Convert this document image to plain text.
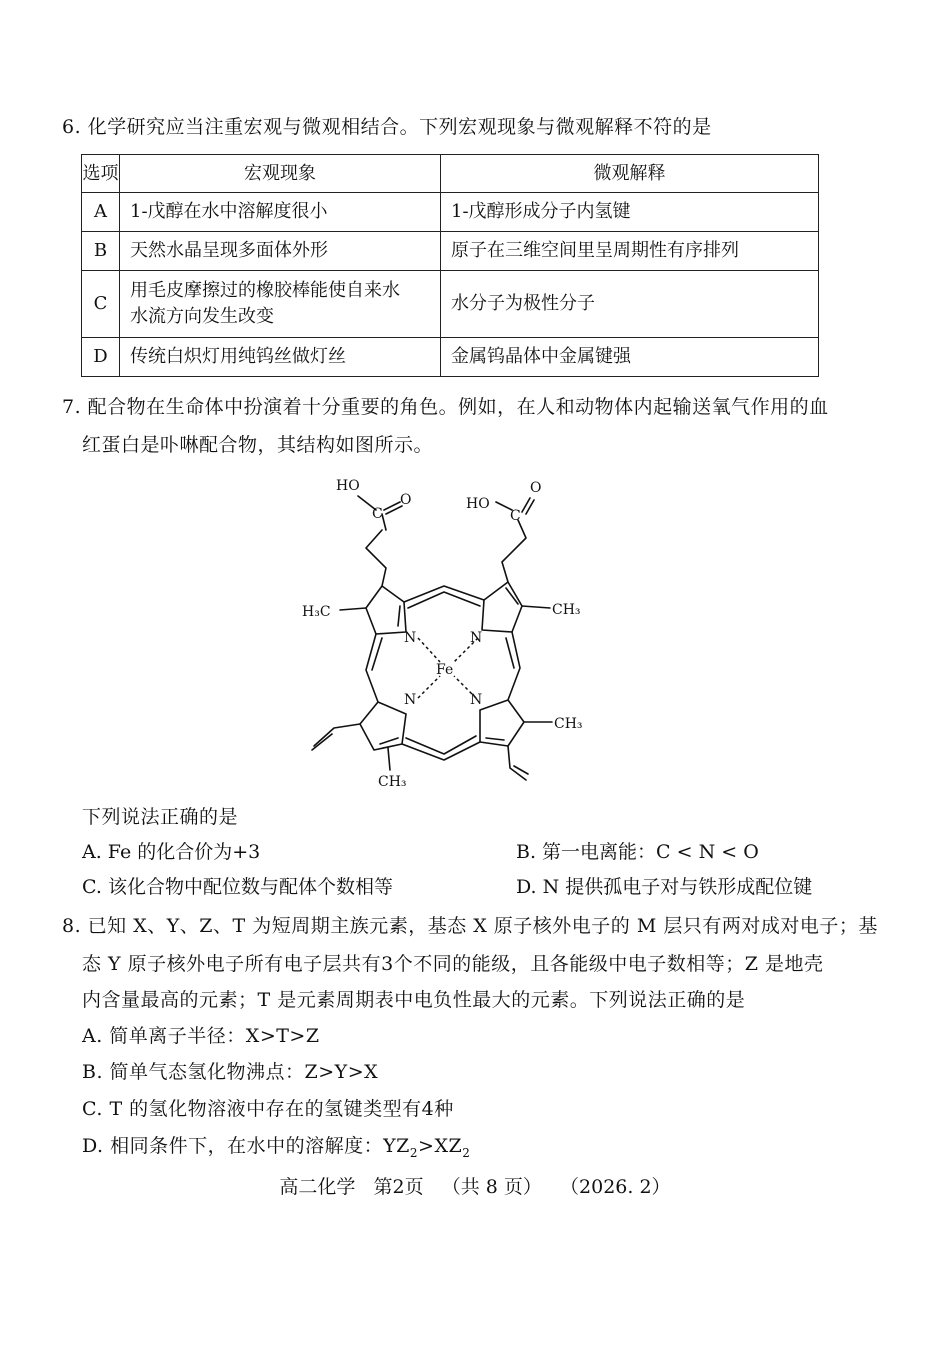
6. 化学研究应当注重宏观与微观相结合。下列宏观现象与微观解释不符的是
选项	宏观现象	微观解释
A	1-戊醇在水中溶解度很小	1-戊醇形成分子内氢键
B	天然水晶呈现多面体外形	原子在三维空间里呈周期性有序排列
C	用毛皮摩擦过的橡胶棒能使自来水
水流方向发生改变	水分子为极性分子
D	传统白炽灯用纯钨丝做灯丝	金属钨晶体中金属键强
7. 配合物在生命体中扮演着十分重要的角色。例如，在人和动物体内起输送氧气作用的血
红蛋白是卟啉配合物，其结构如图所示。
HO
O
C
HO
O
C
H₃C	CH₃
CH₃
CH₃
N	N
N	N
Fe
下列说法正确的是
A. Fe 的化合价为+3	B. 第一电离能：C < N < O
C. 该化合物中配位数与配体个数相等	D. N 提供孤电子对与铁形成配位键
8. 已知 X、Y、Z、T 为短周期主族元素，基态 X 原子核外电子的 M 层只有两对成对电子；基
态 Y 原子核外电子所有电子层共有3个不同的能级，且各能级中电子数相等；Z 是地壳
内含量最高的元素；T 是元素周期表中电负性最大的元素。下列说法正确的是
A. 简单离子半径：X>T>Z
B. 简单气态氢化物沸点：Z>Y>X
C. T 的氢化物溶液中存在的氢键类型有4种
D. 相同条件下，在水中的溶解度：$YZ_2>XZ_2$
高二化学   第2页   （共 8 页）   （2026. 2）
